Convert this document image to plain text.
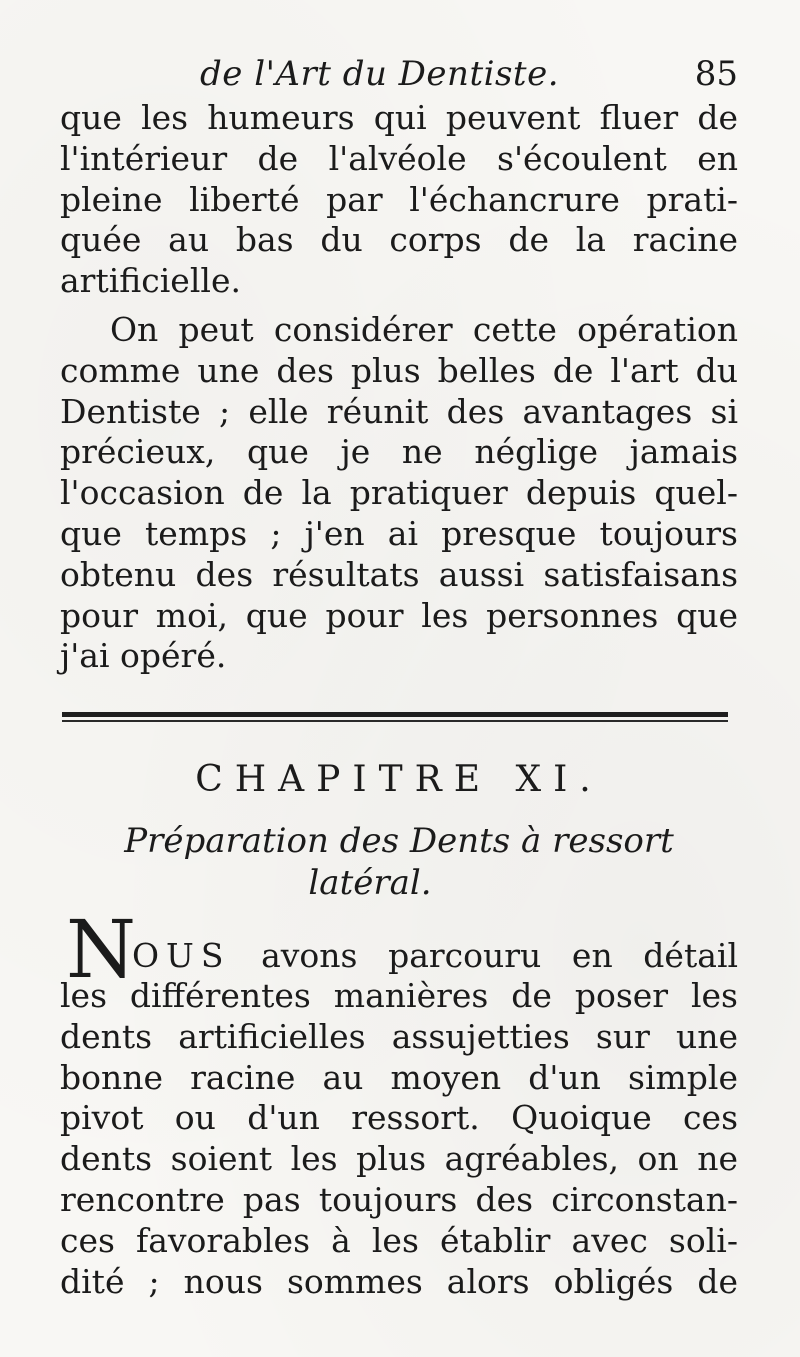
de l'Art du Dentiste.	85
que les humeurs qui peuvent fluer de
l'intérieur de l'alvéole s'écoulent en
pleine liberté par l'échancrure prati-
quée au bas du corps de la racine
artificielle.
On peut considérer cette opération
comme une des plus belles de l'art du
Dentiste ; elle réunit des avantages si
précieux, que je ne néglige jamais
l'occasion de la pratiquer depuis quel-
que temps ; j'en ai presque toujours
obtenu des résultats aussi satisfaisans
pour moi, que pour les personnes que
j'ai opéré.
CHAPITRE XI.
Préparation des Dents à ressort
latéral.
N
OUS avons parcouru en détail
les différentes manières de poser les
dents artificielles assujetties sur une
bonne racine au moyen d'un simple
pivot ou d'un ressort. Quoique ces
dents soient les plus agréables, on ne
rencontre pas toujours des circonstan-
ces favorables à les établir avec soli-
dité ; nous sommes alors obligés de
